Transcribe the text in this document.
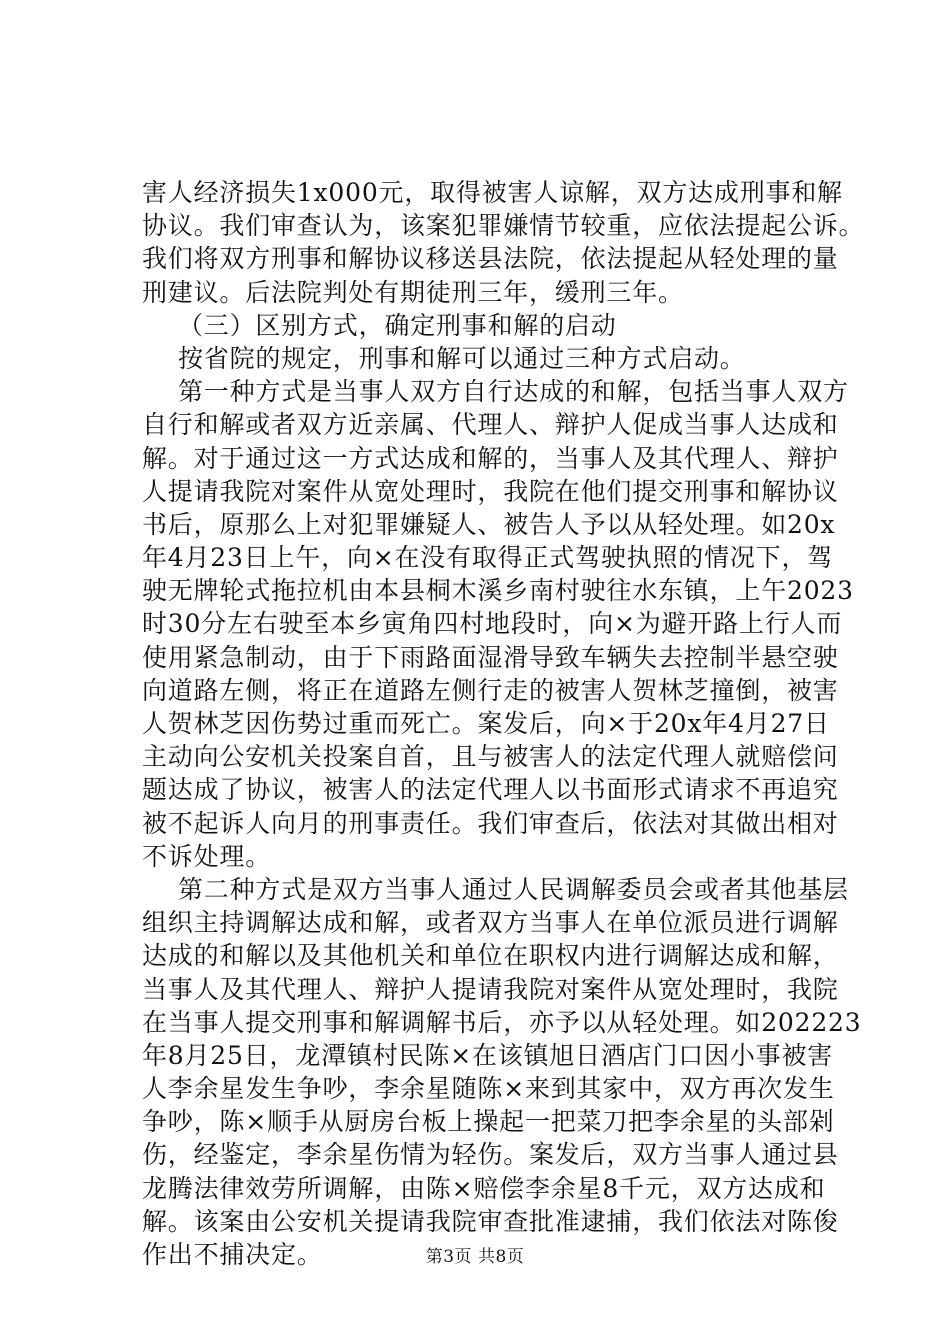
害人经济损失1x000元，取得被害人谅解，双方达成刑事和解
协议。我们审查认为，该案犯罪嫌情节较重，应依法提起公诉。
我们将双方刑事和解协议移送县法院，依法提起从轻处理的量
刑建议。后法院判处有期徒刑三年，缓刑三年。
（三）区别方式，确定刑事和解的启动
按省院的规定，刑事和解可以通过三种方式启动。
第一种方式是当事人双方自行达成的和解，包括当事人双方
自行和解或者双方近亲属、代理人、辩护人促成当事人达成和
解。对于通过这一方式达成和解的，当事人及其代理人、辩护
人提请我院对案件从宽处理时，我院在他们提交刑事和解协议
书后，原那么上对犯罪嫌疑人、被告人予以从轻处理。如20x
年4月23日上午，向×在没有取得正式驾驶执照的情况下，驾
驶无牌轮式拖拉机由本县桐木溪乡南村驶往水东镇，上午2023
时30分左右驶至本乡寅角四村地段时，向×为避开路上行人而
使用紧急制动，由于下雨路面湿滑导致车辆失去控制半悬空驶
向道路左侧，将正在道路左侧行走的被害人贺林芝撞倒，被害
人贺林芝因伤势过重而死亡。案发后，向×于20x年4月27日
主动向公安机关投案自首，且与被害人的法定代理人就赔偿问
题达成了协议，被害人的法定代理人以书面形式请求不再追究
被不起诉人向月的刑事责任。我们审查后，依法对其做出相对
不诉处理。
第二种方式是双方当事人通过人民调解委员会或者其他基层
组织主持调解达成和解，或者双方当事人在单位派员进行调解
达成的和解以及其他机关和单位在职权内进行调解达成和解，
当事人及其代理人、辩护人提请我院对案件从宽处理时，我院
在当事人提交刑事和解调解书后，亦予以从轻处理。如202223
年8月25日，龙潭镇村民陈×在该镇旭日酒店门口因小事被害
人李余星发生争吵，李余星随陈×来到其家中，双方再次发生
争吵，陈×顺手从厨房台板上操起一把菜刀把李余星的头部剁
伤，经鉴定，李余星伤情为轻伤。案发后，双方当事人通过县
龙腾法律效劳所调解，由陈×赔偿李余星8千元，双方达成和
解。该案由公安机关提请我院审查批准逮捕，我们依法对陈俊
作出不捕决定。	第3页 共8页
